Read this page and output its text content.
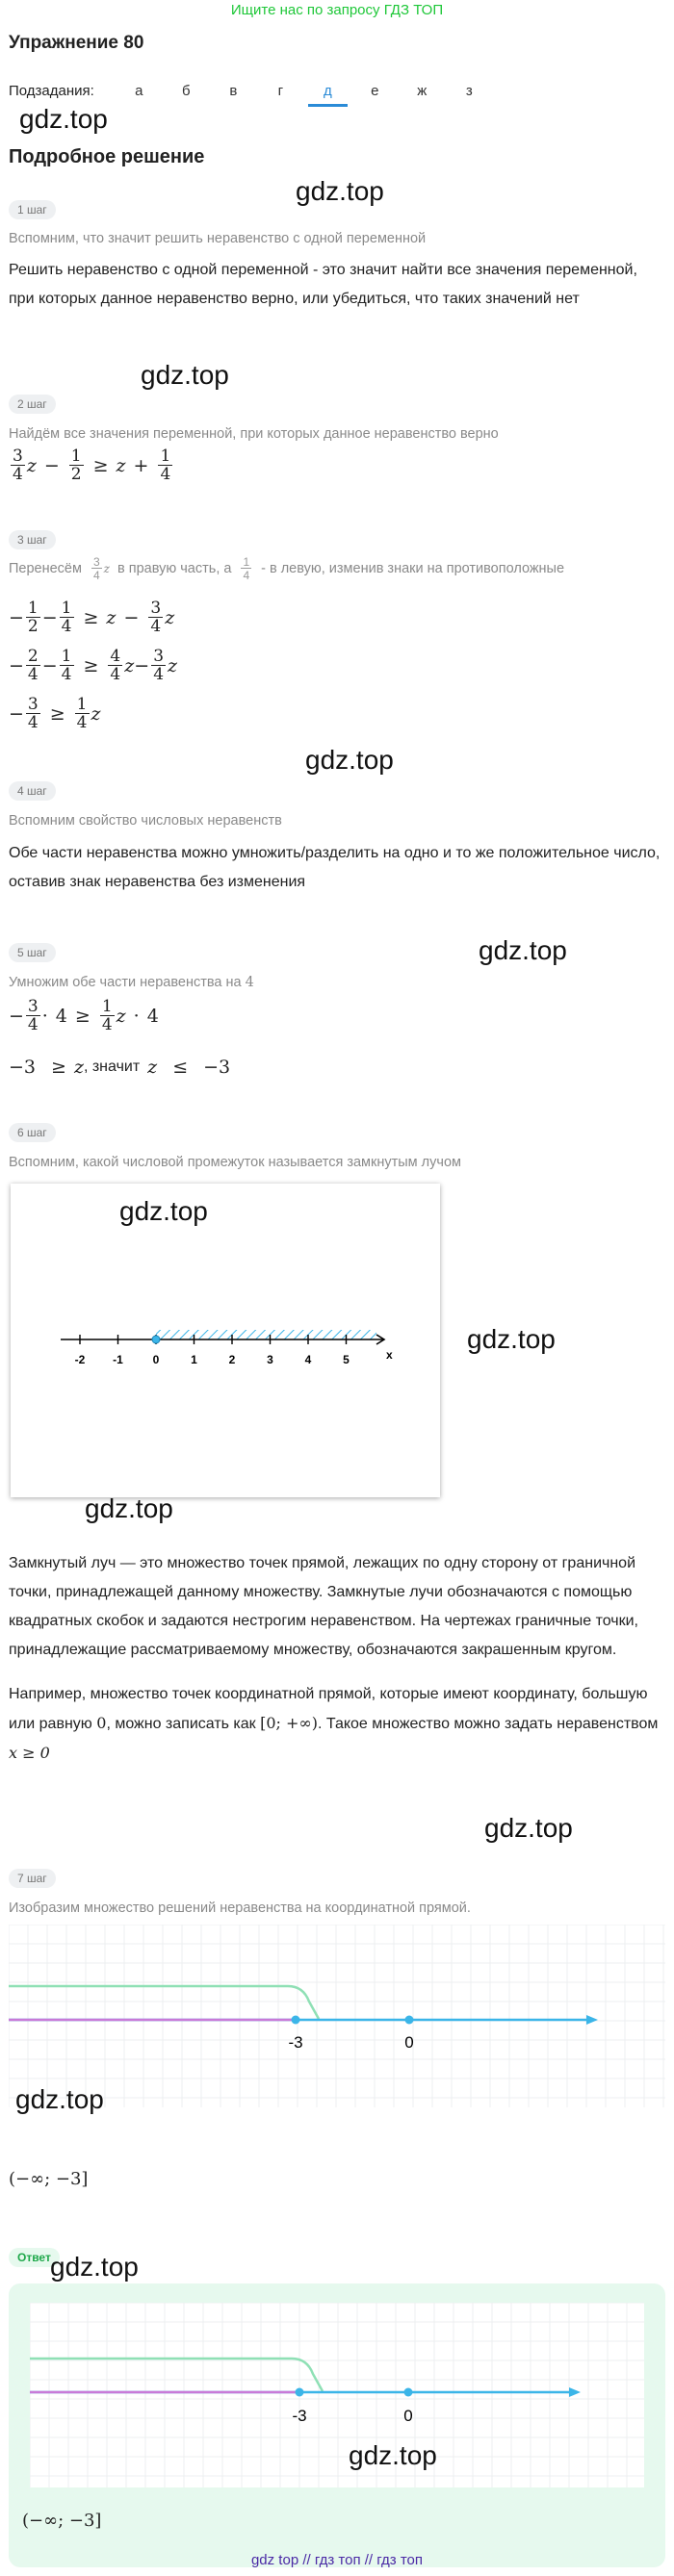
Ищите нас по запросу ГДЗ ТОП
Упражнение 80
Подзадания:	а	б	в	г	д	е	ж	з
gdz.top
Подробное решение
gdz.top
1 шаг
Вспомним, что значит решить неравенство с одной переменной
Решить неравенство с одной переменной - это значит найти все значения переменной, при которых данное неравенство верно, или убедиться, что таких значений нет
gdz.top
2 шаг
Найдём все значения переменной, при которых данное неравенство верно
$\frac{3}{4}$ $z - \frac{1}{2} \ge z + \frac{1}{4}$
3 шаг
Перенесём $\frac{3}{4}$ z в правую часть, а $\frac{1}{4}$ - в левую, изменив знаки на противоположные
− $\frac{1}{2} - \frac{1}{4} \ge z - \frac{3}{4}$ z
− $\frac{2}{4} - \frac{1}{4} \ge \frac{4}{4}$ $z - \frac{3}{4}$ z
− $\frac{3}{4} \ge \frac{1}{4}$ z
gdz.top
4 шаг
Вспомним свойство числовых неравенств
Обе части неравенства можно умножить/разделить на одно и то же положительное число, оставив знак неравенства без изменения
5 шаг	gdz.top
Умножим обе части неравенства на 4
− $\frac{3}{4} \cdot 4 \ge \frac{1}{4}$ z · 4
−3 ≥ z , значит z ≤ −3
6 шаг
Вспомним, какой числовой промежуток называется замкнутым лучом
-2 -1	0	1	2	3	4	5	x
gdz.top
gdz.top
gdz.top
Замкнутый луч — это множество точек прямой, лежащих по одну сторону от граничной точки, принадлежащей данному множеству. Замкнутые лучи обозначаются с помощью квадратных скобок и задаются нестрогим неравенством. На чертежах граничные точки, принадлежащие рассматриваемому множеству, обозначаются закрашенным кругом.
Например, множество точек координатной прямой, которые имеют координату, большую или равную 0, можно записать как [0; +∞). Такое множество можно задать неравенством x ≥ 0
gdz.top
7 шаг
Изобразим множество решений неравенства на координатной прямой.
-3	0
gdz.top
(−∞; −3]
Ответ
-3	0
(−∞; −3]
gdz.top
gdz.top
gdz top // гдз топ // гдз топ
